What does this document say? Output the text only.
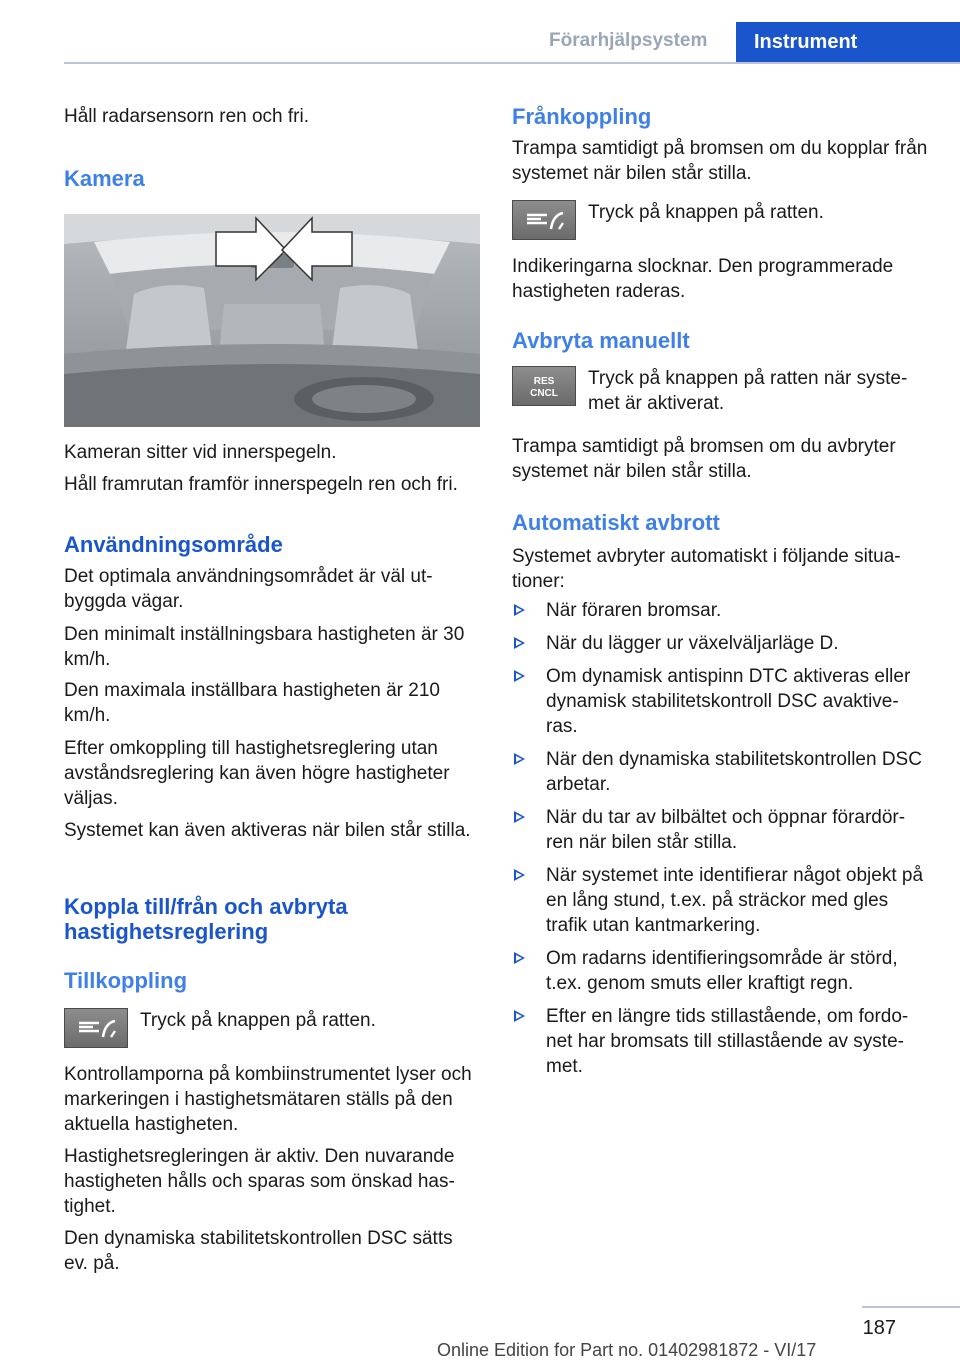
Förarhjälpsystem	Instrument

Håll radarsensorn ren och fri.

Kamera

Kameran sitter vid innerspegeln.

Håll framrutan framför innerspegeln ren och fri.

Användningsområde

Det optimala användningsområdet är väl ut‐ byggda vägar.

Den minimalt inställningsbara hastigheten är 30 km/h.

Den maximala inställbara hastigheten är 210 km/h.

Efter omkoppling till hastighetsreglering utan avståndsreglering kan även högre hastigheter väljas.

Systemet kan även aktiveras när bilen står stilla.

Koppla till/från och avbryta hastighetsreglering
Tillkoppling

Tryck på knappen på ratten.

Kontrollamporna på kombiinstrumentet lyser och markeringen i hastighetsmätaren ställs på den aktuella hastigheten.

Hastighetsregleringen är aktiv. Den nuvarande hastigheten hålls och sparas som önskad has‐ tighet.

Den dynamiska stabilitetskontrollen DSC sätts ev. på.

Frånkoppling

Trampa samtidigt på bromsen om du kopplar från systemet när bilen står stilla.

Tryck på knappen på ratten.

Indikeringarna slocknar. Den programmerade hastigheten raderas.

Avbryta manuellt
RES
CNCL

Tryck på knappen på ratten när syste‐ met är aktiverat.

Trampa samtidigt på bromsen om du avbryter systemet när bilen står stilla.

Automatiskt avbrott

Systemet avbryter automatiskt i följande situa‐ tioner:

När föraren bromsar.
När du lägger ur växelväljarläge D.
Om dynamisk antispinn DTC aktiveras eller dynamisk stabilitetskontroll DSC avaktive‐ ras.
När den dynamiska stabilitetskontrollen DSC arbetar.
När du tar av bilbältet och öppnar förardör‐ ren när bilen står stilla.
När systemet inte identifierar något objekt på en lång stund, t.ex. på sträckor med gles trafik utan kantmarkering.
Om radarns identifieringsområde är störd, t.ex. genom smuts eller kraftigt regn.
Efter en längre tids stillastående, om fordo‐ net har bromsats till stillastående av syste‐ met.
187
Online Edition for Part no. 01402981872 - VI/17
